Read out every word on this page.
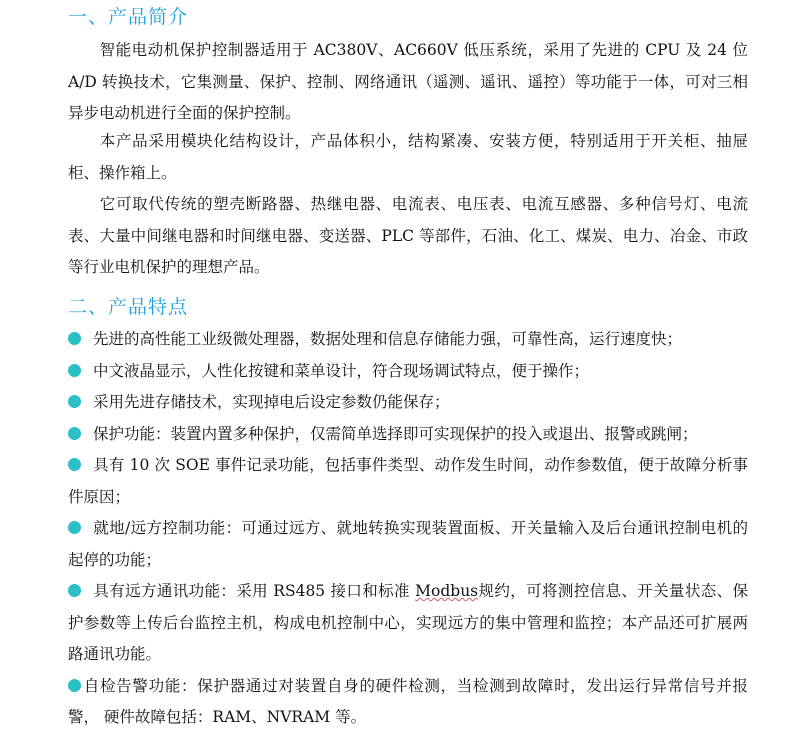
一、产品简介
智能电动机保护控制器适用于 AC380V、AC660V 低压系统，采用了先进的 CPU 及 24 位 A/D 转换技术，它集测量、保护、控制、网络通讯（遥测、遥讯、遥控）等功能于一体，可对三相异步电动机进行全面的保护控制。
本产品采用模块化结构设计，产品体积小，结构紧凑、安装方便，特别适用于开关柜、抽屉柜、操作箱上。
它可取代传统的塑壳断路器、热继电器、电流表、电压表、电流互感器、多种信号灯、电流表、大量中间继电器和时间继电器、变送器、PLC 等部件，石油、化工、煤炭、电力、冶金、市政等行业电机保护的理想产品。
二、产品特点
先进的高性能工业级微处理器，数据处理和信息存储能力强，可靠性高，运行速度快；
中文液晶显示，人性化按键和菜单设计，符合现场调试特点，便于操作；
采用先进存储技术，实现掉电后设定参数仍能保存；
保护功能：装置内置多种保护，仅需简单选择即可实现保护的投入或退出、报警或跳闸；
具有 10 次 SOE 事件记录功能，包括事件类型、动作发生时间，动作参数值，便于故障分析事件原因；
就地/远方控制功能：可通过远方、就地转换实现装置面板、开关量输入及后台通讯控制电机的起停的功能；
具有远方通讯功能：采用 RS485 接口和标准 Modbus规约，可将测控信息、开关量状态、保护参数等上传后台监控主机，构成电机控制中心，实现远方的集中管理和监控；本产品还可扩展两路通讯功能。
自检告警功能：保护器通过对装置自身的硬件检测，当检测到故障时，发出运行异常信号并报警， 硬件故障包括：RAM、NVRAM 等。
